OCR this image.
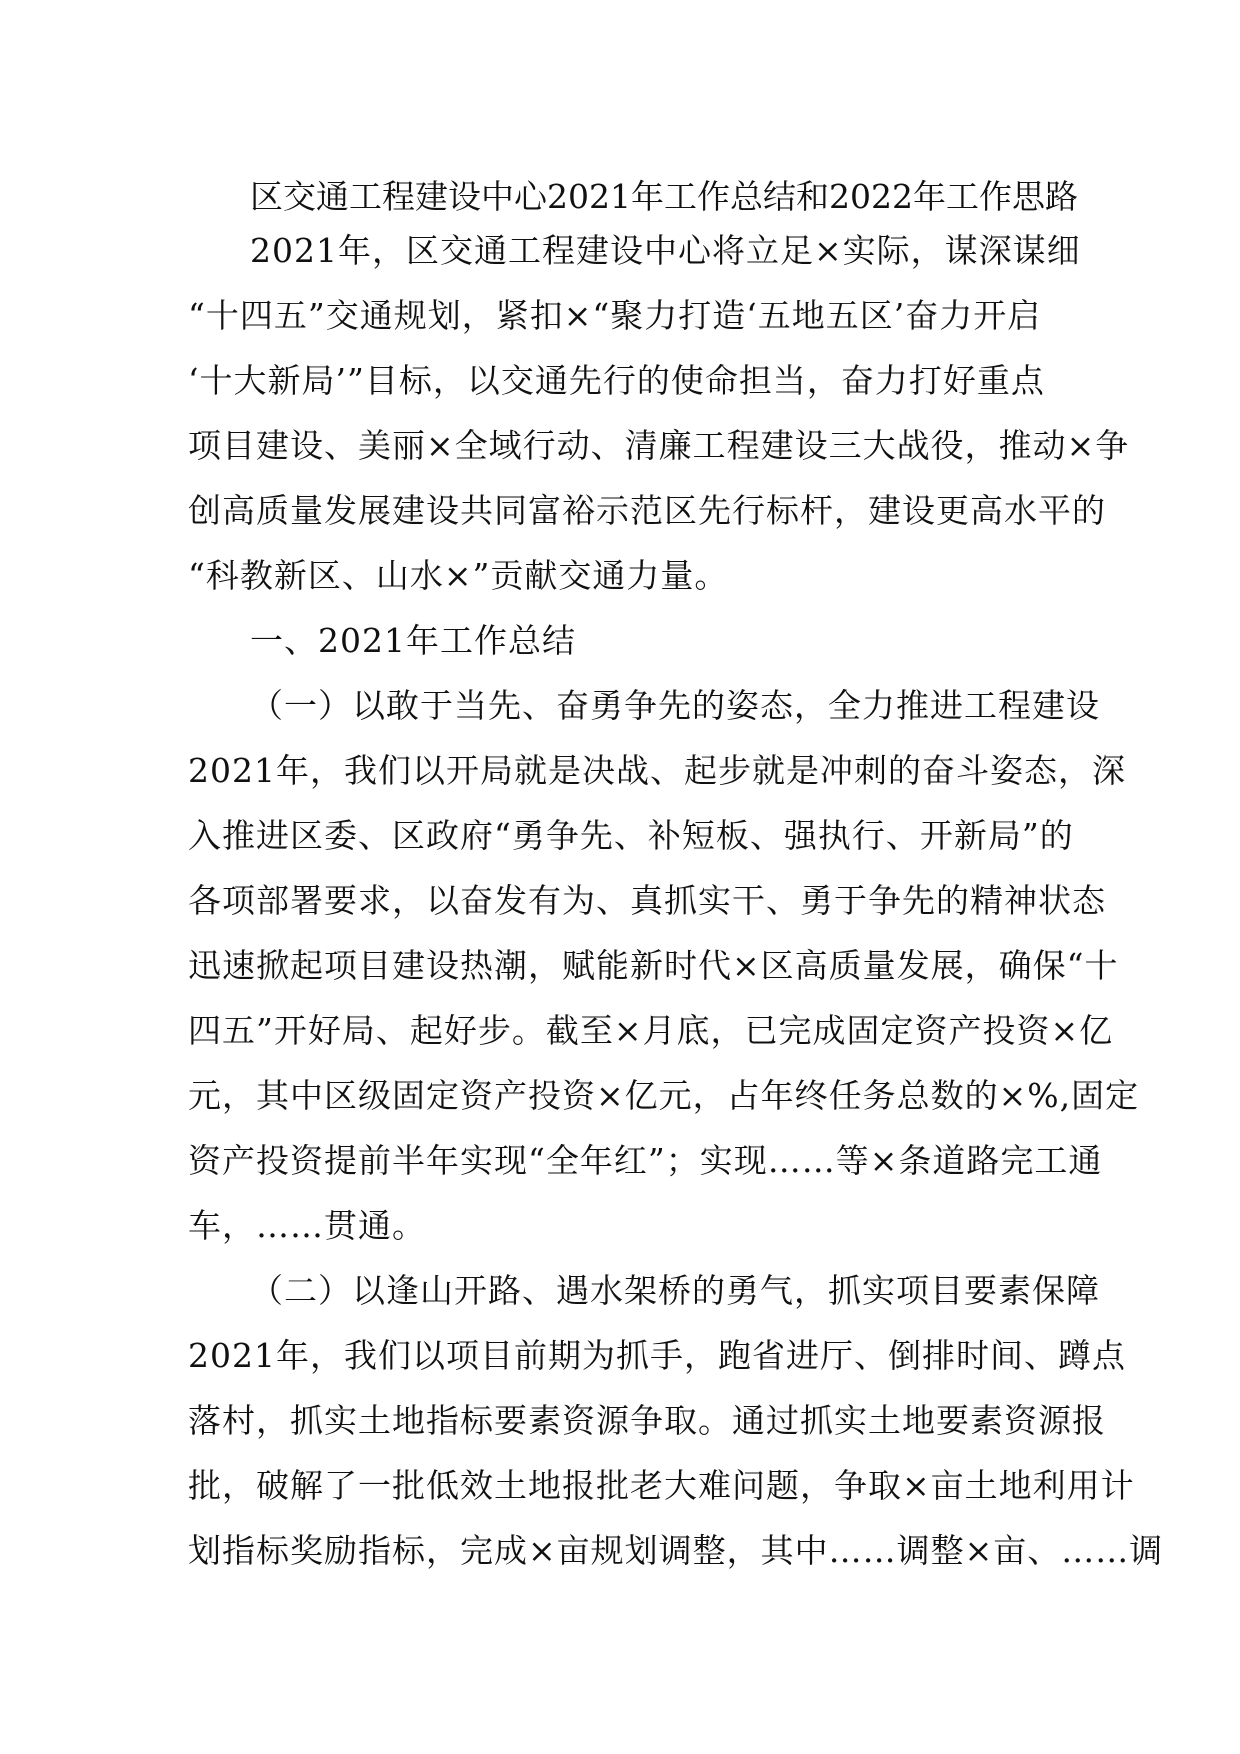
区交通工程建设中心2021年工作总结和2022年工作思路
2021年，区交通工程建设中心将立足×实际，谋深谋细
“十四五”交通规划，紧扣×“聚力打造‘五地五区’奋力开启
‘十大新局’”目标，以交通先行的使命担当，奋力打好重点
项目建设、美丽×全域行动、清廉工程建设三大战役，推动×争
创高质量发展建设共同富裕示范区先行标杆，建设更高水平的
“科教新区、山水×”贡献交通力量。
一、2021年工作总结
（一）以敢于当先、奋勇争先的姿态，全力推进工程建设
2021年，我们以开局就是决战、起步就是冲刺的奋斗姿态，深
入推进区委、区政府“勇争先、补短板、强执行、开新局”的
各项部署要求，以奋发有为、真抓实干、勇于争先的精神状态
迅速掀起项目建设热潮，赋能新时代×区高质量发展，确保“十
四五”开好局、起好步。截至×月底，已完成固定资产投资×亿
元，其中区级固定资产投资×亿元，占年终任务总数的×%,固定
资产投资提前半年实现“全年红”；实现……等×条道路完工通
车，……贯通。
（二）以逢山开路、遇水架桥的勇气，抓实项目要素保障
2021年，我们以项目前期为抓手，跑省进厅、倒排时间、蹲点
落村，抓实土地指标要素资源争取。通过抓实土地要素资源报
批，破解了一批低效土地报批老大难问题，争取×亩土地利用计
划指标奖励指标，完成×亩规划调整，其中……调整×亩、……调
